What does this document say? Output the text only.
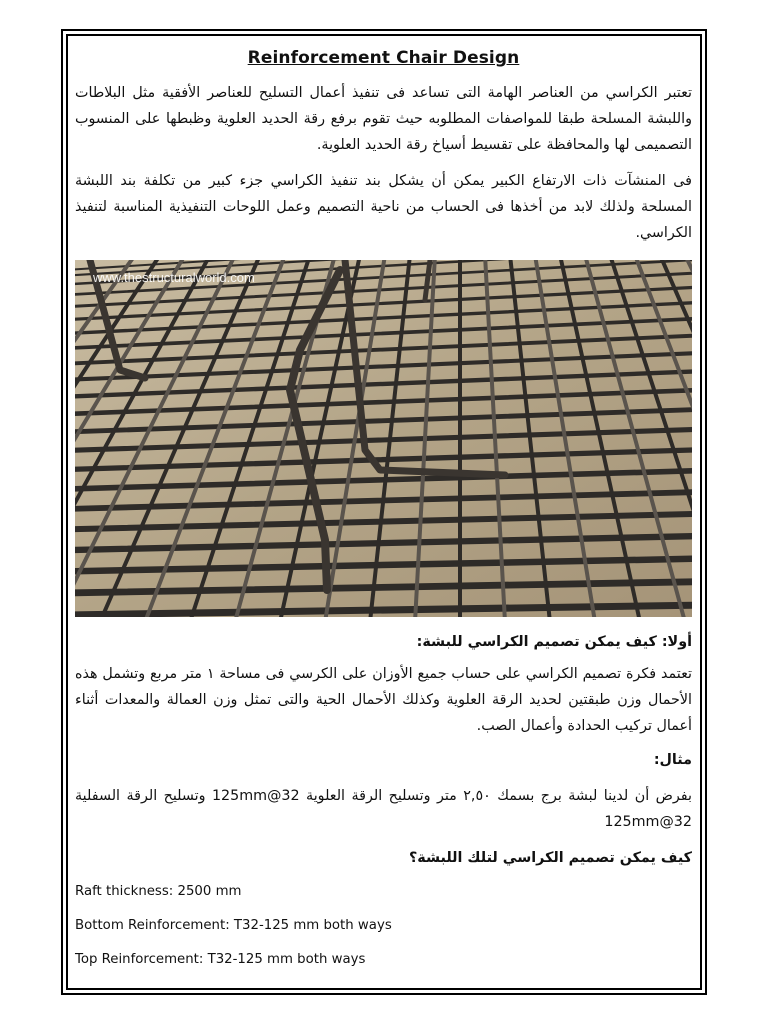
Reinforcement Chair Design

تعتبر الكراسي من العناصر الهامة التى تساعد فى تنفيذ أعمال التسليح للعناصر الأفقية مثل البلاطات واللبشة المسلحة طبقا للمواصفات المطلوبه حيث تقوم برفع رقة الحديد العلوية وظبطها على المنسوب التصميمى لها والمحافظة على تقسيط أسياخ رقة الحديد العلوية.

فى المنشآت ذات الارتفاع الكبير يمكن أن يشكل بند تنفيذ الكراسي جزء كبير من تكلفة بند اللبشة المسلحة ولذلك لابد من أخذها فى الحساب من ناحية التصميم وعمل اللوحات التنفيذية المناسبة لتنفيذ الكراسي.

www.thestructuralworld.com

أولا: كيف يمكن تصميم الكراسي للبشة:

تعتمد فكرة تصميم الكراسي على حساب جميع الأوزان على الكرسي فى مساحة ١ متر مربع وتشمل هذه الأحمال وزن طبقتين لحديد الرقة العلوية وكذلك الأحمال الحية والتى تمثل وزن العمالة والمعدات أثناء أعمال تركيب الحدادة وأعمال الصب.

مثال:

بفرض أن لدينا لبشة برج بسمك ٢,٥٠ متر وتسليح الرقة العلوية 32@125mm وتسليح الرقة السفلية 32@125mm

كيف يمكن تصميم الكراسي لتلك اللبشة؟

Raft thickness: 2500 mm

Bottom Reinforcement: T32-125 mm both ways

Top Reinforcement: T32-125 mm both ways
